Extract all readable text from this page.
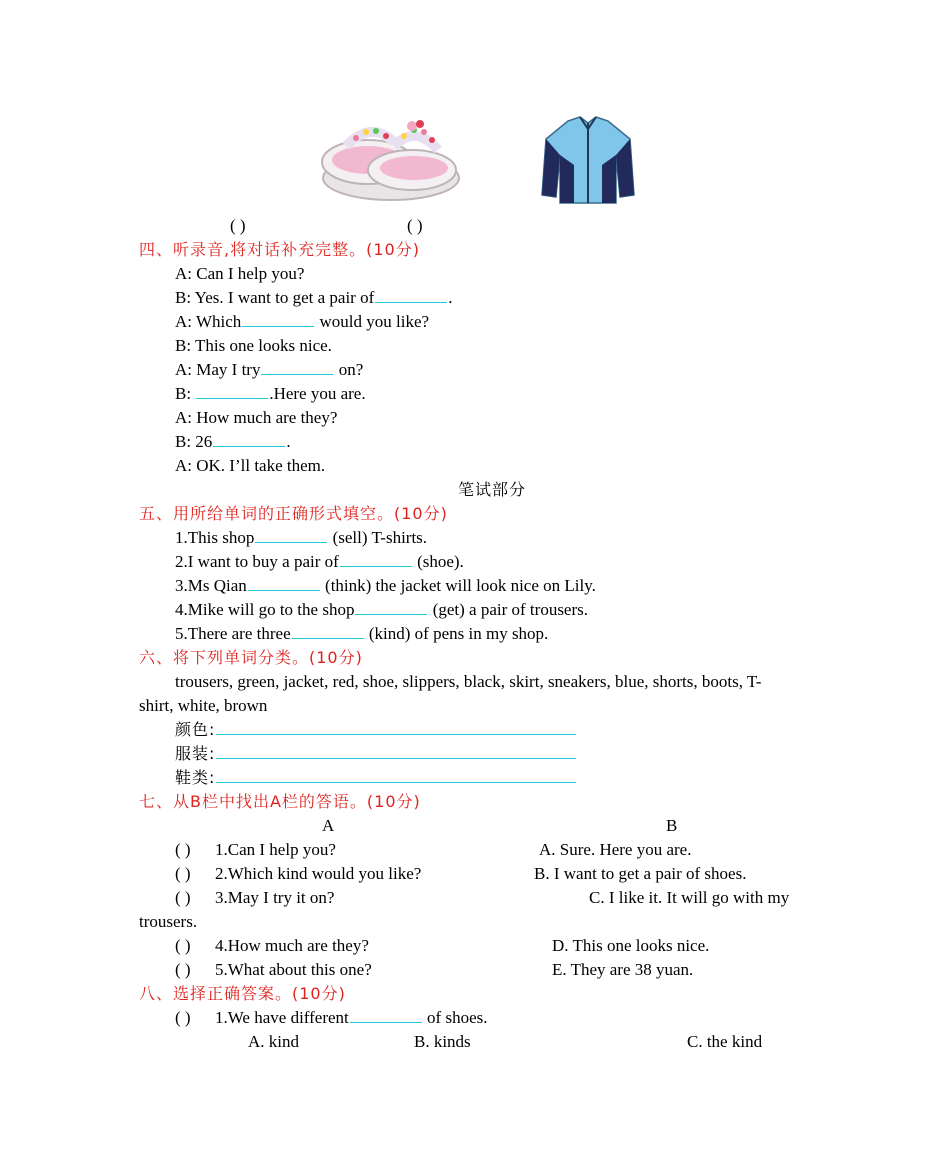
( )	( )
四、听录音,将对话补充完整。(10分)
A: Can I help you?
B: Yes. I want to get a pair of	.
A: Which	would you like?
B: This one looks nice.
A: May I try	on?
B:	.Here you are.
A: How much are they?
B: 26	.
A: OK. I’ll take them.
笔试部分
五、用所给单词的正确形式填空。(10分)
1.This shop	(sell) T-shirts.
2.I want to buy a pair of	(shoe).
3.Ms Qian	(think) the jacket will look nice on Lily.
4.Mike will go to the shop	(get) a pair of trousers.
5.There are three	(kind) of pens in my shop.
六、将下列单词分类。(10分)
trousers, green, jacket, red, shoe, slippers, black, skirt, sneakers, blue, shorts, boots, T-
shirt, white, brown
颜色:
服装:
鞋类:
七、从B栏中找出A栏的答语。(10分)
A	B
( ) 1.Can I help you?	A. Sure. Here you are.
( ) 2.Which kind would you like?	B. I want to get a pair of shoes.
( ) 3.May I try it on?	C. I like it. It will go with my
trousers.
( ) 4.How much are they?	D. This one looks nice.
( ) 5.What about this one?	E. They are 38 yuan.
八、选择正确答案。(10分)
( ) 1.We have different	of shoes.
A. kind	B. kinds	C. the kind
